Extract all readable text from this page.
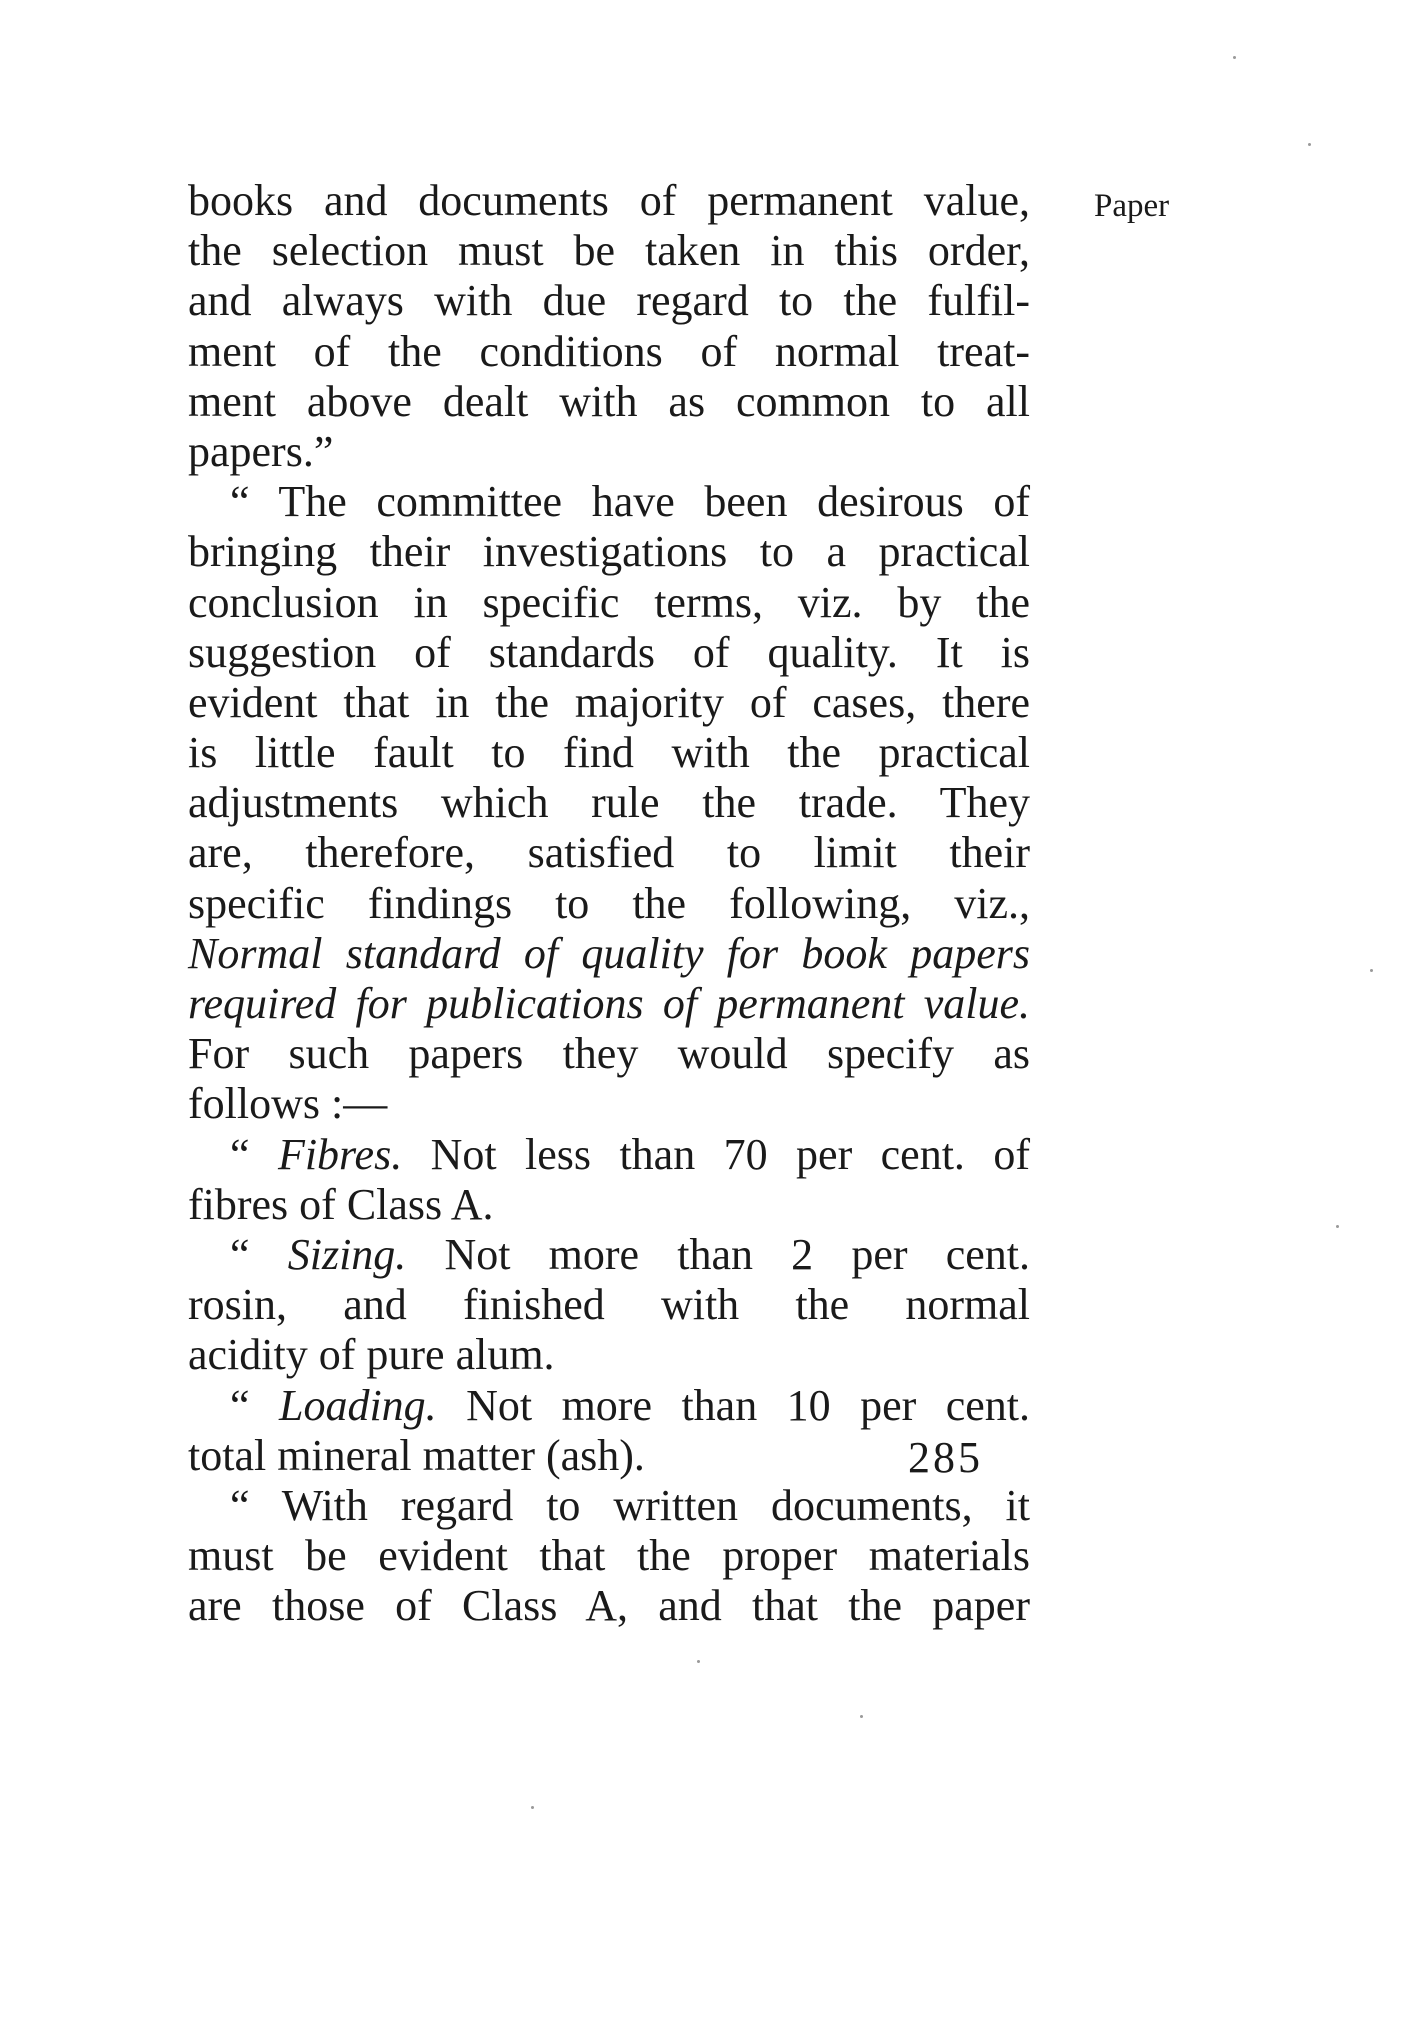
Paper
books and documents of permanent value,
the selection must be taken in this order,
and always with due regard to the fulfil-
ment of the conditions of normal treat-
ment above dealt with as common to all
papers.”
“ The committee have been desirous of
bringing their investigations to a practical
conclusion in specific terms, viz. by the
suggestion of standards of quality. It is
evident that in the majority of cases, there
is little fault to find with the practical
adjustments which rule the trade. They
are, therefore, satisfied to limit their
specific findings to the following, viz.,
Normal standard of quality for book papers
required for publications of permanent value.
For such papers they would specify as
follows :—
“ Fibres. Not less than 70 per cent. of
fibres of Class A.
“ Sizing. Not more than 2 per cent.
rosin, and finished with the normal
acidity of pure alum.
“ Loading. Not more than 10 per cent.
total mineral matter (ash).
“ With regard to written documents, it
must be evident that the proper materials
are those of Class A, and that the paper
285
